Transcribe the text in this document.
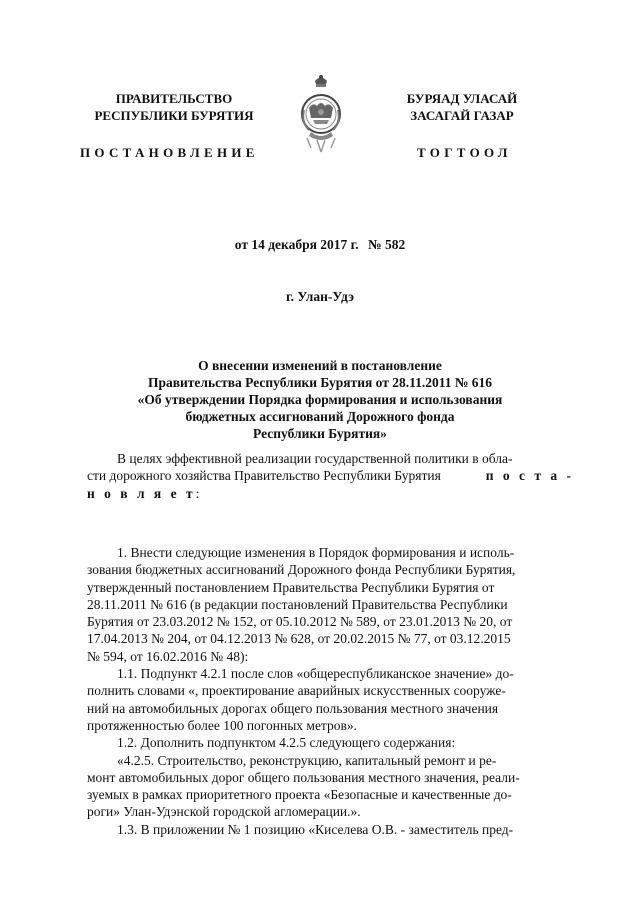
ПРАВИТЕЛЬСТВО
РЕСПУБЛИКИ БУРЯТИЯ
БУРЯАД УЛАСАЙ
ЗАСАГАЙ ГАЗАР
ПОСТАНОВЛЕНИЕ	ТОГТООЛ
от 14 декабря 2017 г. № 582
г. Улан-Удэ
О внесении изменений в постановление
Правительства Республики Бурятия от 28.11.2011 № 616
«Об утверждении Порядка формирования и использования
бюджетных ассигнований Дорожного фонда
Республики Бурятия»
В целях эффективной реализации государственной политики в обла-
сти дорожного хозяйства Правительство Республики Бурятия	п о с т а -
н о в л я е т :
1. Внести следующие изменения в Порядок формирования и исполь-
зования бюджетных ассигнований Дорожного фонда Республики Бурятия,
утвержденный постановлением Правительства Республики Бурятия от
28.11.2011 № 616 (в редакции постановлений Правительства Республики
Бурятия от 23.03.2012 № 152, от 05.10.2012 № 589, от 23.01.2013 № 20, от
17.04.2013 № 204, от 04.12.2013 № 628, от 20.02.2015 № 77, от 03.12.2015
№ 594, от 16.02.2016 № 48):
1.1. Подпункт 4.2.1 после слов «общереспубликанское значение» до-
полнить словами «, проектирование аварийных искусственных сооруже-
ний на автомобильных дорогах общего пользования местного значения
протяженностью более 100 погонных метров».
1.2. Дополнить подпунктом 4.2.5 следующего содержания:
«4.2.5. Строительство, реконструкцию, капитальный ремонт и ре-
монт автомобильных дорог общего пользования местного значения, реали-
зуемых в рамках приоритетного проекта «Безопасные и качественные до-
роги» Улан-Удэнской городской агломерации.».
1.3. В приложении № 1 позицию «Киселева О.В. - заместитель пред-
